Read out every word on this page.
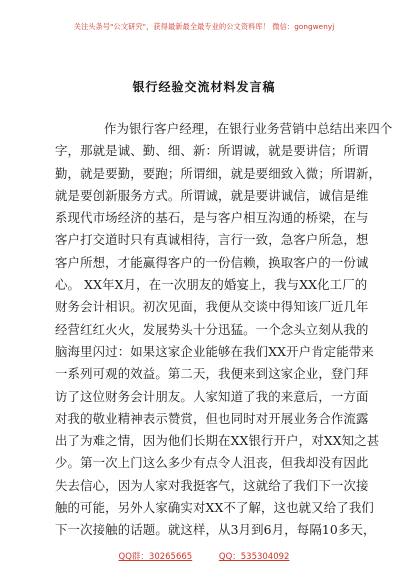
关注头条号"公文研究"，获得最新最全最专业的公文资料库！ 微信：gongwenyj
银行经验交流材料发言稿
作为银行客户经理，在银行业务营销中总结出来四个
字，那就是诚、勤、细、新：所谓诚，就是要讲信；所谓
勤，就是要勤，要跑；所谓细，就是要细致入微；所谓新，
就是要创新服务方式。所谓诚，就是要讲诚信，诚信是维
系现代市场经济的基石，是与客户相互沟通的桥梁，在与
客户打交道时只有真诚相待，言行一致，急客户所急，想
客户所想，才能赢得客户的一份信赖，换取客户的一份诚
心。 XX年X月，在一次朋友的婚宴上，我与XX化工厂的
财务会计相识。初次见面，我便从交谈中得知该厂近几年
经营红红火火，发展势头十分迅猛。一个念头立刻从我的
脑海里闪过：如果这家企业能够在我们XX开户肯定能带来
一系列可观的效益。第二天，我便来到这家企业，登门拜
访了这位财务会计朋友。人家知道了我的来意后，一方面
对我的敬业精神表示赞赏，但也同时对开展业务合作流露
出了为难之情，因为他们长期在XX银行开户，对XX知之甚
少。第一次上门这么多少有点令人沮丧，但我却没有因此
失去信心，因为人家对我挺客气，这就给了我们下一次接
触的可能，另外人家确实对XX不了解，这也就又给了我们
下一次接触的话题。就这样，从3月到6月，每隔10多天，
QQ群：30265665	QQ：535304092
